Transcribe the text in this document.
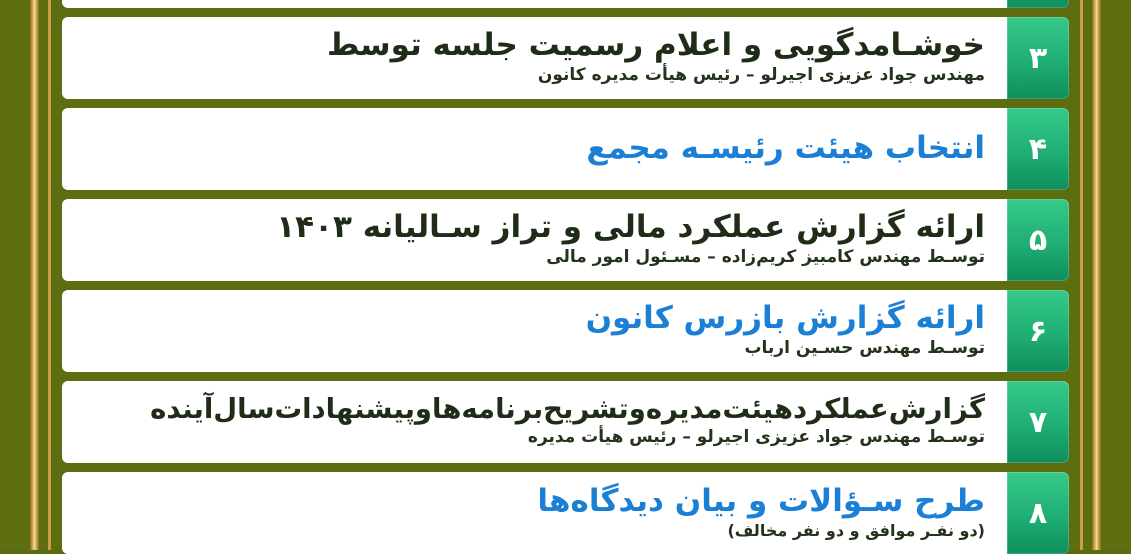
۳
خوشـامدگویی و اعلام رسمیت جلسه توسط
مهندس جواد عزیزی اجیرلو – رئیس هیأت مدیره کانون
۴
انتخاب هیئت رئیسـه مجمع
۵
ارائه گزارش عملکرد مالی و تراز سـالیانه ۱۴۰۳
توسـط مهندس کامبیز کریم‌زاده – مسـئول امور مالی
۶
ارائه گزارش بازرس کانون
توسـط مهندس حسـین ارباب
۷
گزارش‌عملکرد‌هیئت‌مدیره‌و‌تشریح‌برنامه‌ها‌و‌پیشنهادات‌سال‌آینده
توسـط مهندس جواد عزیزی اجیرلو – رئیس هیأت مدیره
۸
طرح سـؤالات و بیان دیدگاه‌ها
(دو نفـر موافق و دو نفر مخالف)
